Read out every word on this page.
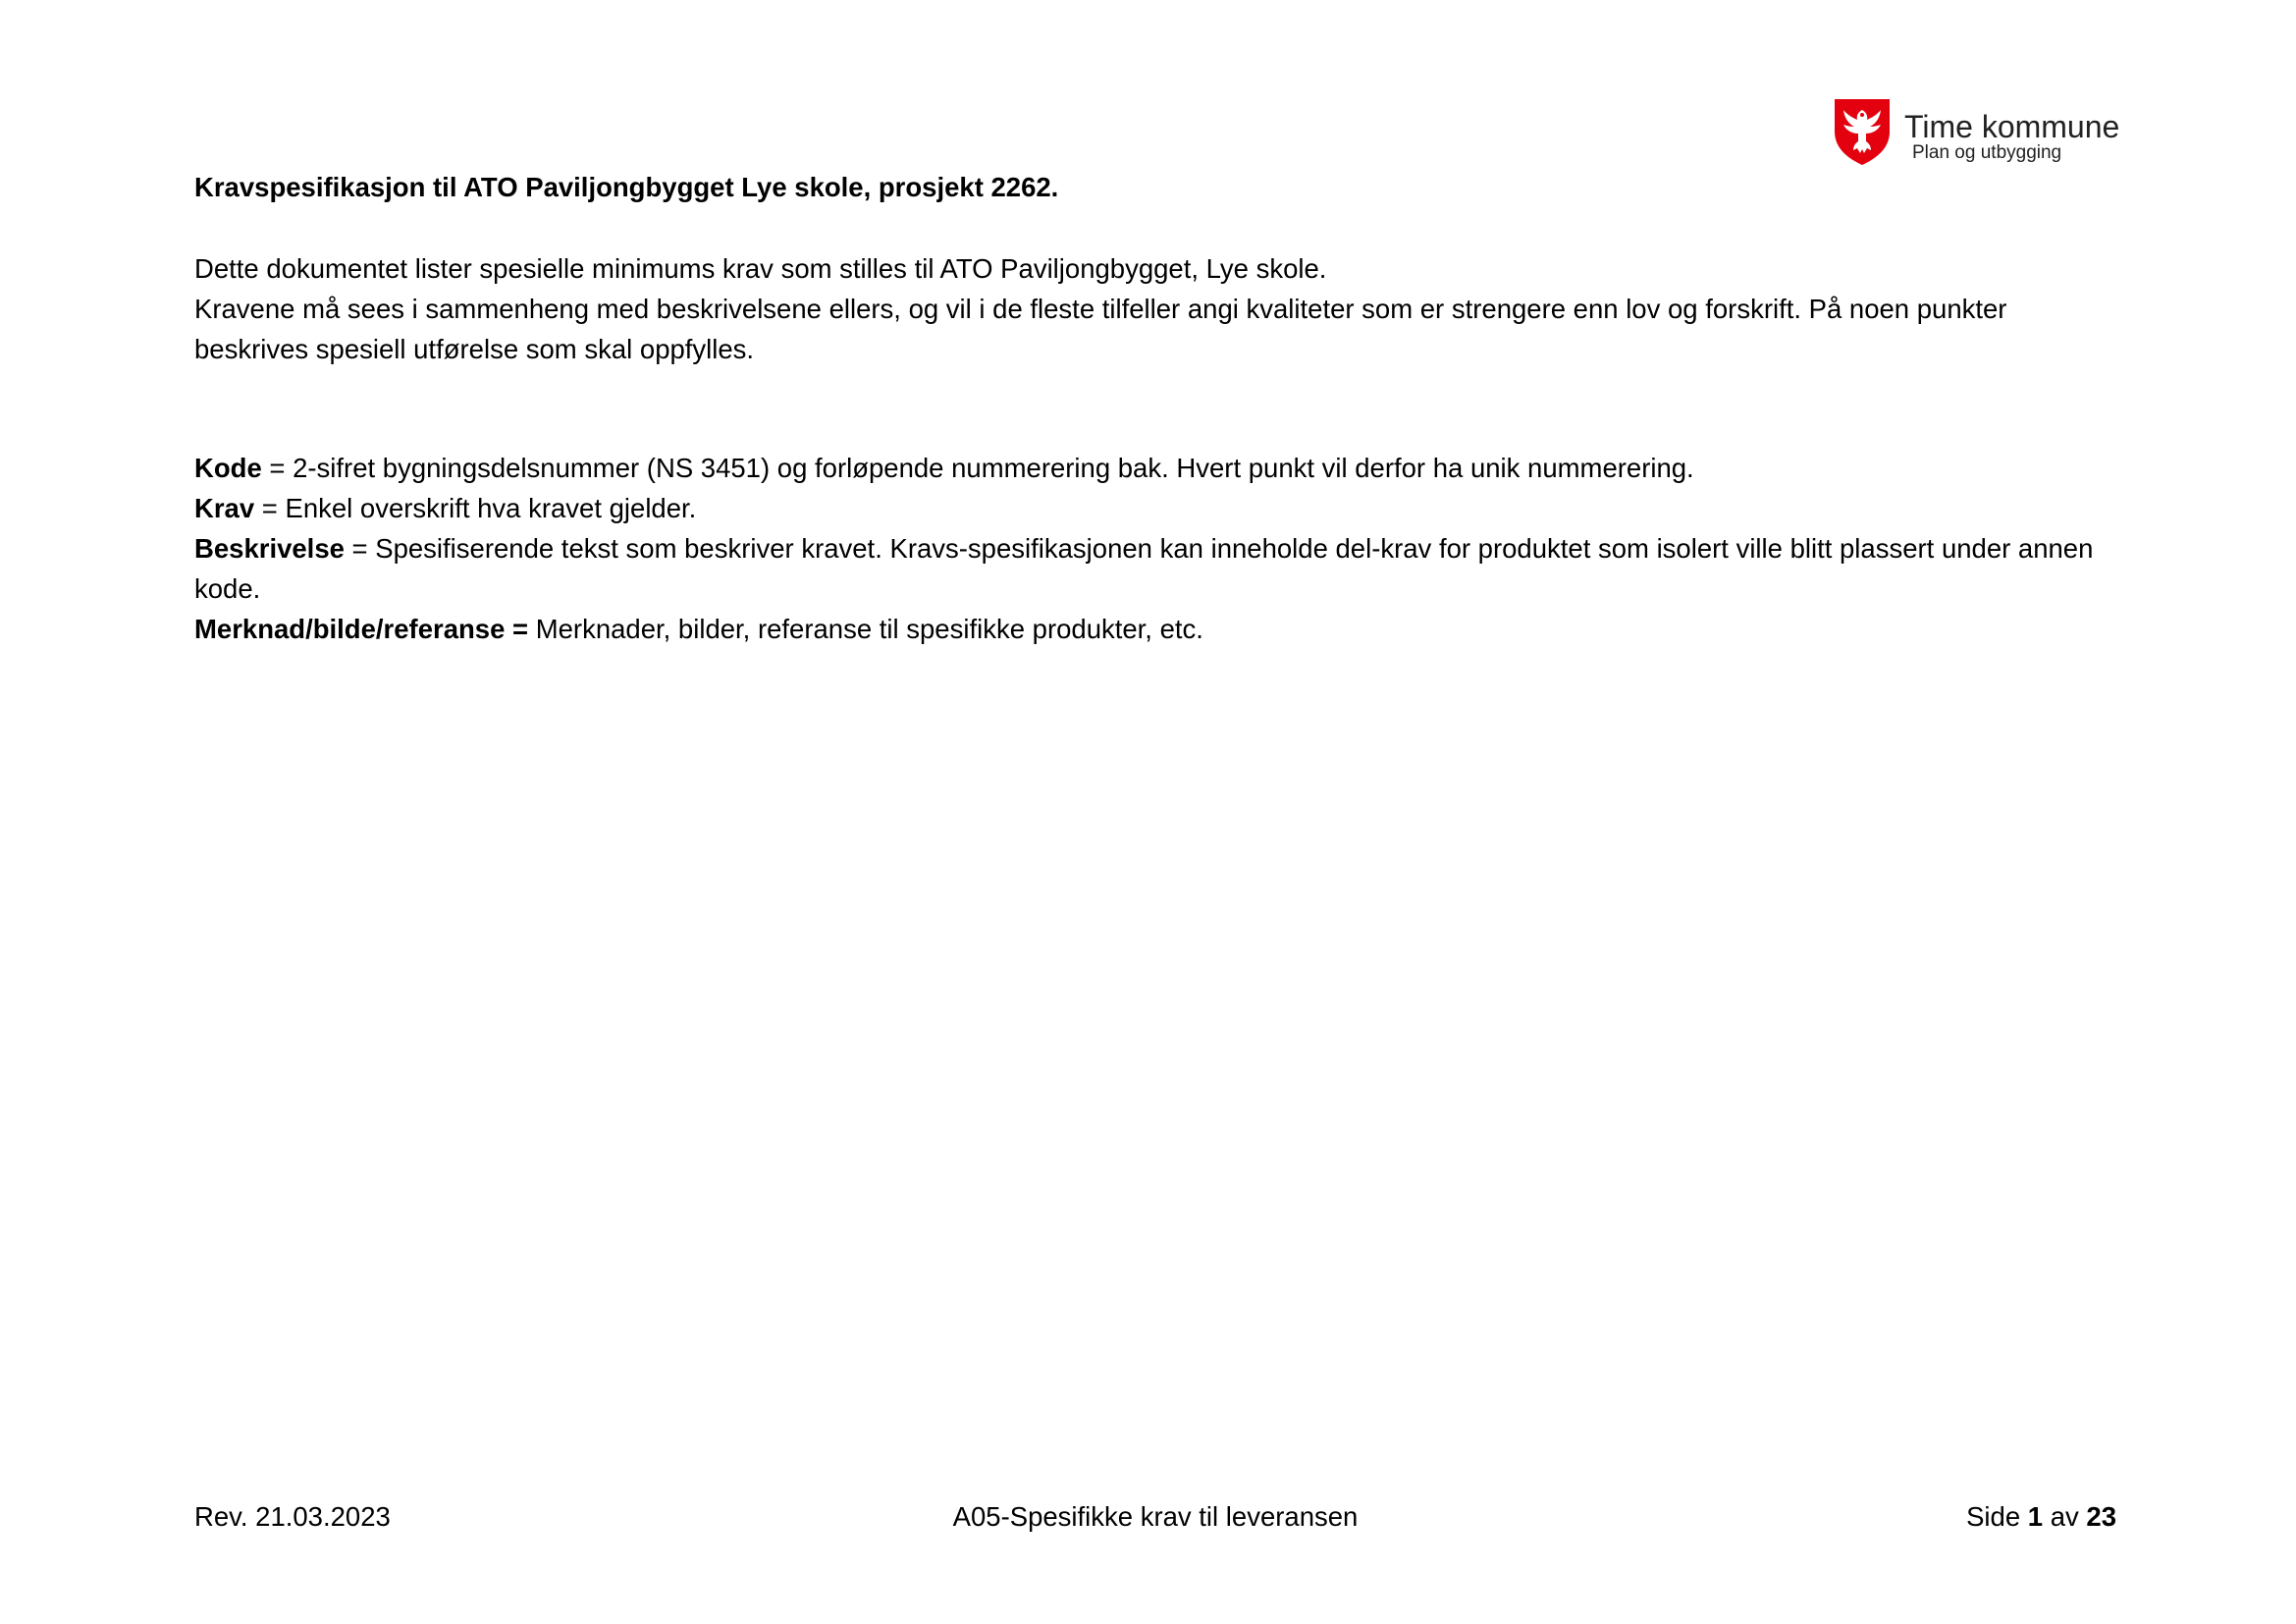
Time kommune
Plan og utbygging

Kravspesifikasjon til ATO Paviljongbygget Lye skole, prosjekt 2262.

Dette dokumentet lister spesielle minimums krav som stilles til ATO Paviljongbygget, Lye skole.

Kravene må sees i sammenheng med beskrivelsene ellers, og vil i de fleste tilfeller angi kvaliteter som er strengere enn lov og forskrift. På noen punkter beskrives spesiell utførelse som skal oppfylles.

Kode = 2-sifret bygningsdelsnummer (NS 3451) og forløpende nummerering bak. Hvert punkt vil derfor ha unik nummerering.

Krav = Enkel overskrift hva kravet gjelder.

Beskrivelse = Spesifiserende tekst som beskriver kravet. Kravs-spesifikasjonen kan inneholde del-krav for produktet som isolert ville blitt plassert under annen kode.

Merknad/bilde/referanse = Merknader, bilder, referanse til spesifikke produkter, etc.

Rev. 21.03.2023	A05-Spesifikke krav til leveransen	Side 1 av 23
